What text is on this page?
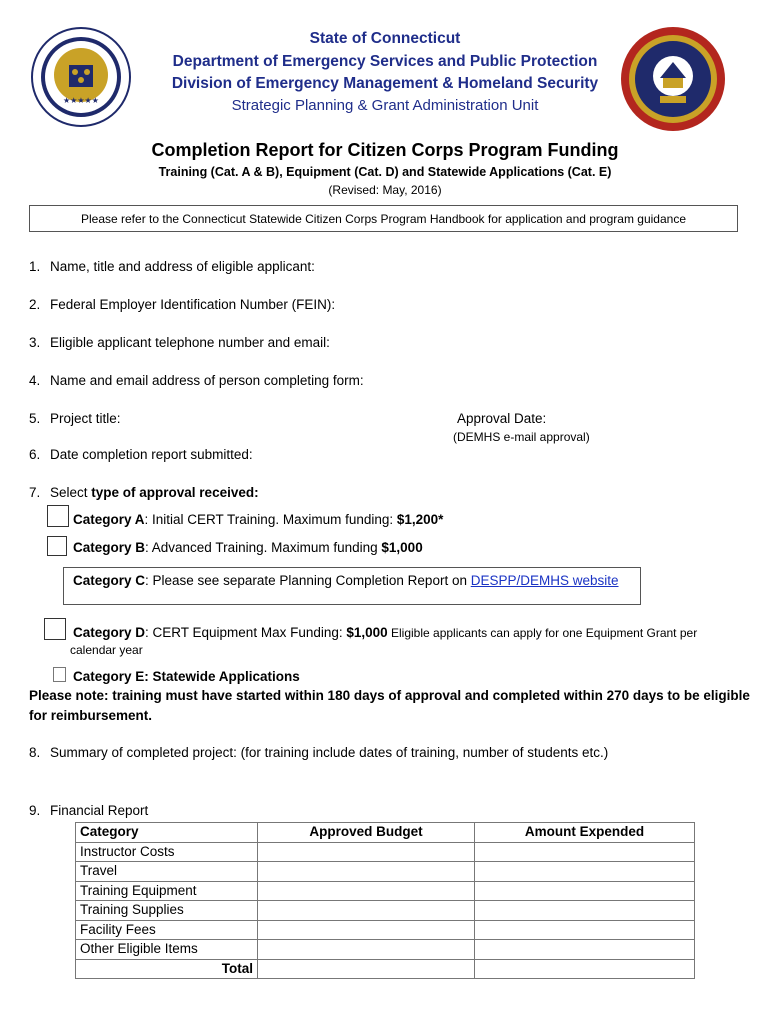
★★★★★
State of Connecticut
Department of Emergency Services and Public Protection
Division of Emergency Management & Homeland Security
Strategic Planning & Grant Administration Unit
Completion Report for Citizen Corps Program Funding
Training (Cat. A & B), Equipment (Cat. D) and Statewide Applications (Cat. E)
(Revised: May, 2016)
Please refer to the Connecticut Statewide Citizen Corps Program Handbook for application and program guidance
1. Name, title and address of eligible applicant:
2. Federal Employer Identification Number (FEIN):
3. Eligible applicant telephone number and email:
4. Name and email address of person completing form:
5. Project title:	Approval Date:
(DEMHS e-mail approval)
6. Date completion report submitted:
7. Select type of approval received:
Category A: Initial CERT Training. Maximum funding: $1,200*
Category B: Advanced Training. Maximum funding $1,000
Category C: Please see separate Planning Completion Report on DESPP/DEMHS website
Category D: CERT Equipment Max Funding: $1,000 Eligible applicants can apply for one Equipment Grant per
calendar year
Category E: Statewide Applications
Please note: training must have started within 180 days of approval and completed within 270 days to be eligible
for reimbursement.
8. Summary of completed project: (for training include dates of training, number of students etc.)
9. Financial Report
Category	Approved Budget	Amount Expended
Instructor Costs		
Travel		
Training Equipment		
Training Supplies		
Facility Fees		
Other Eligible Items		
Total		
